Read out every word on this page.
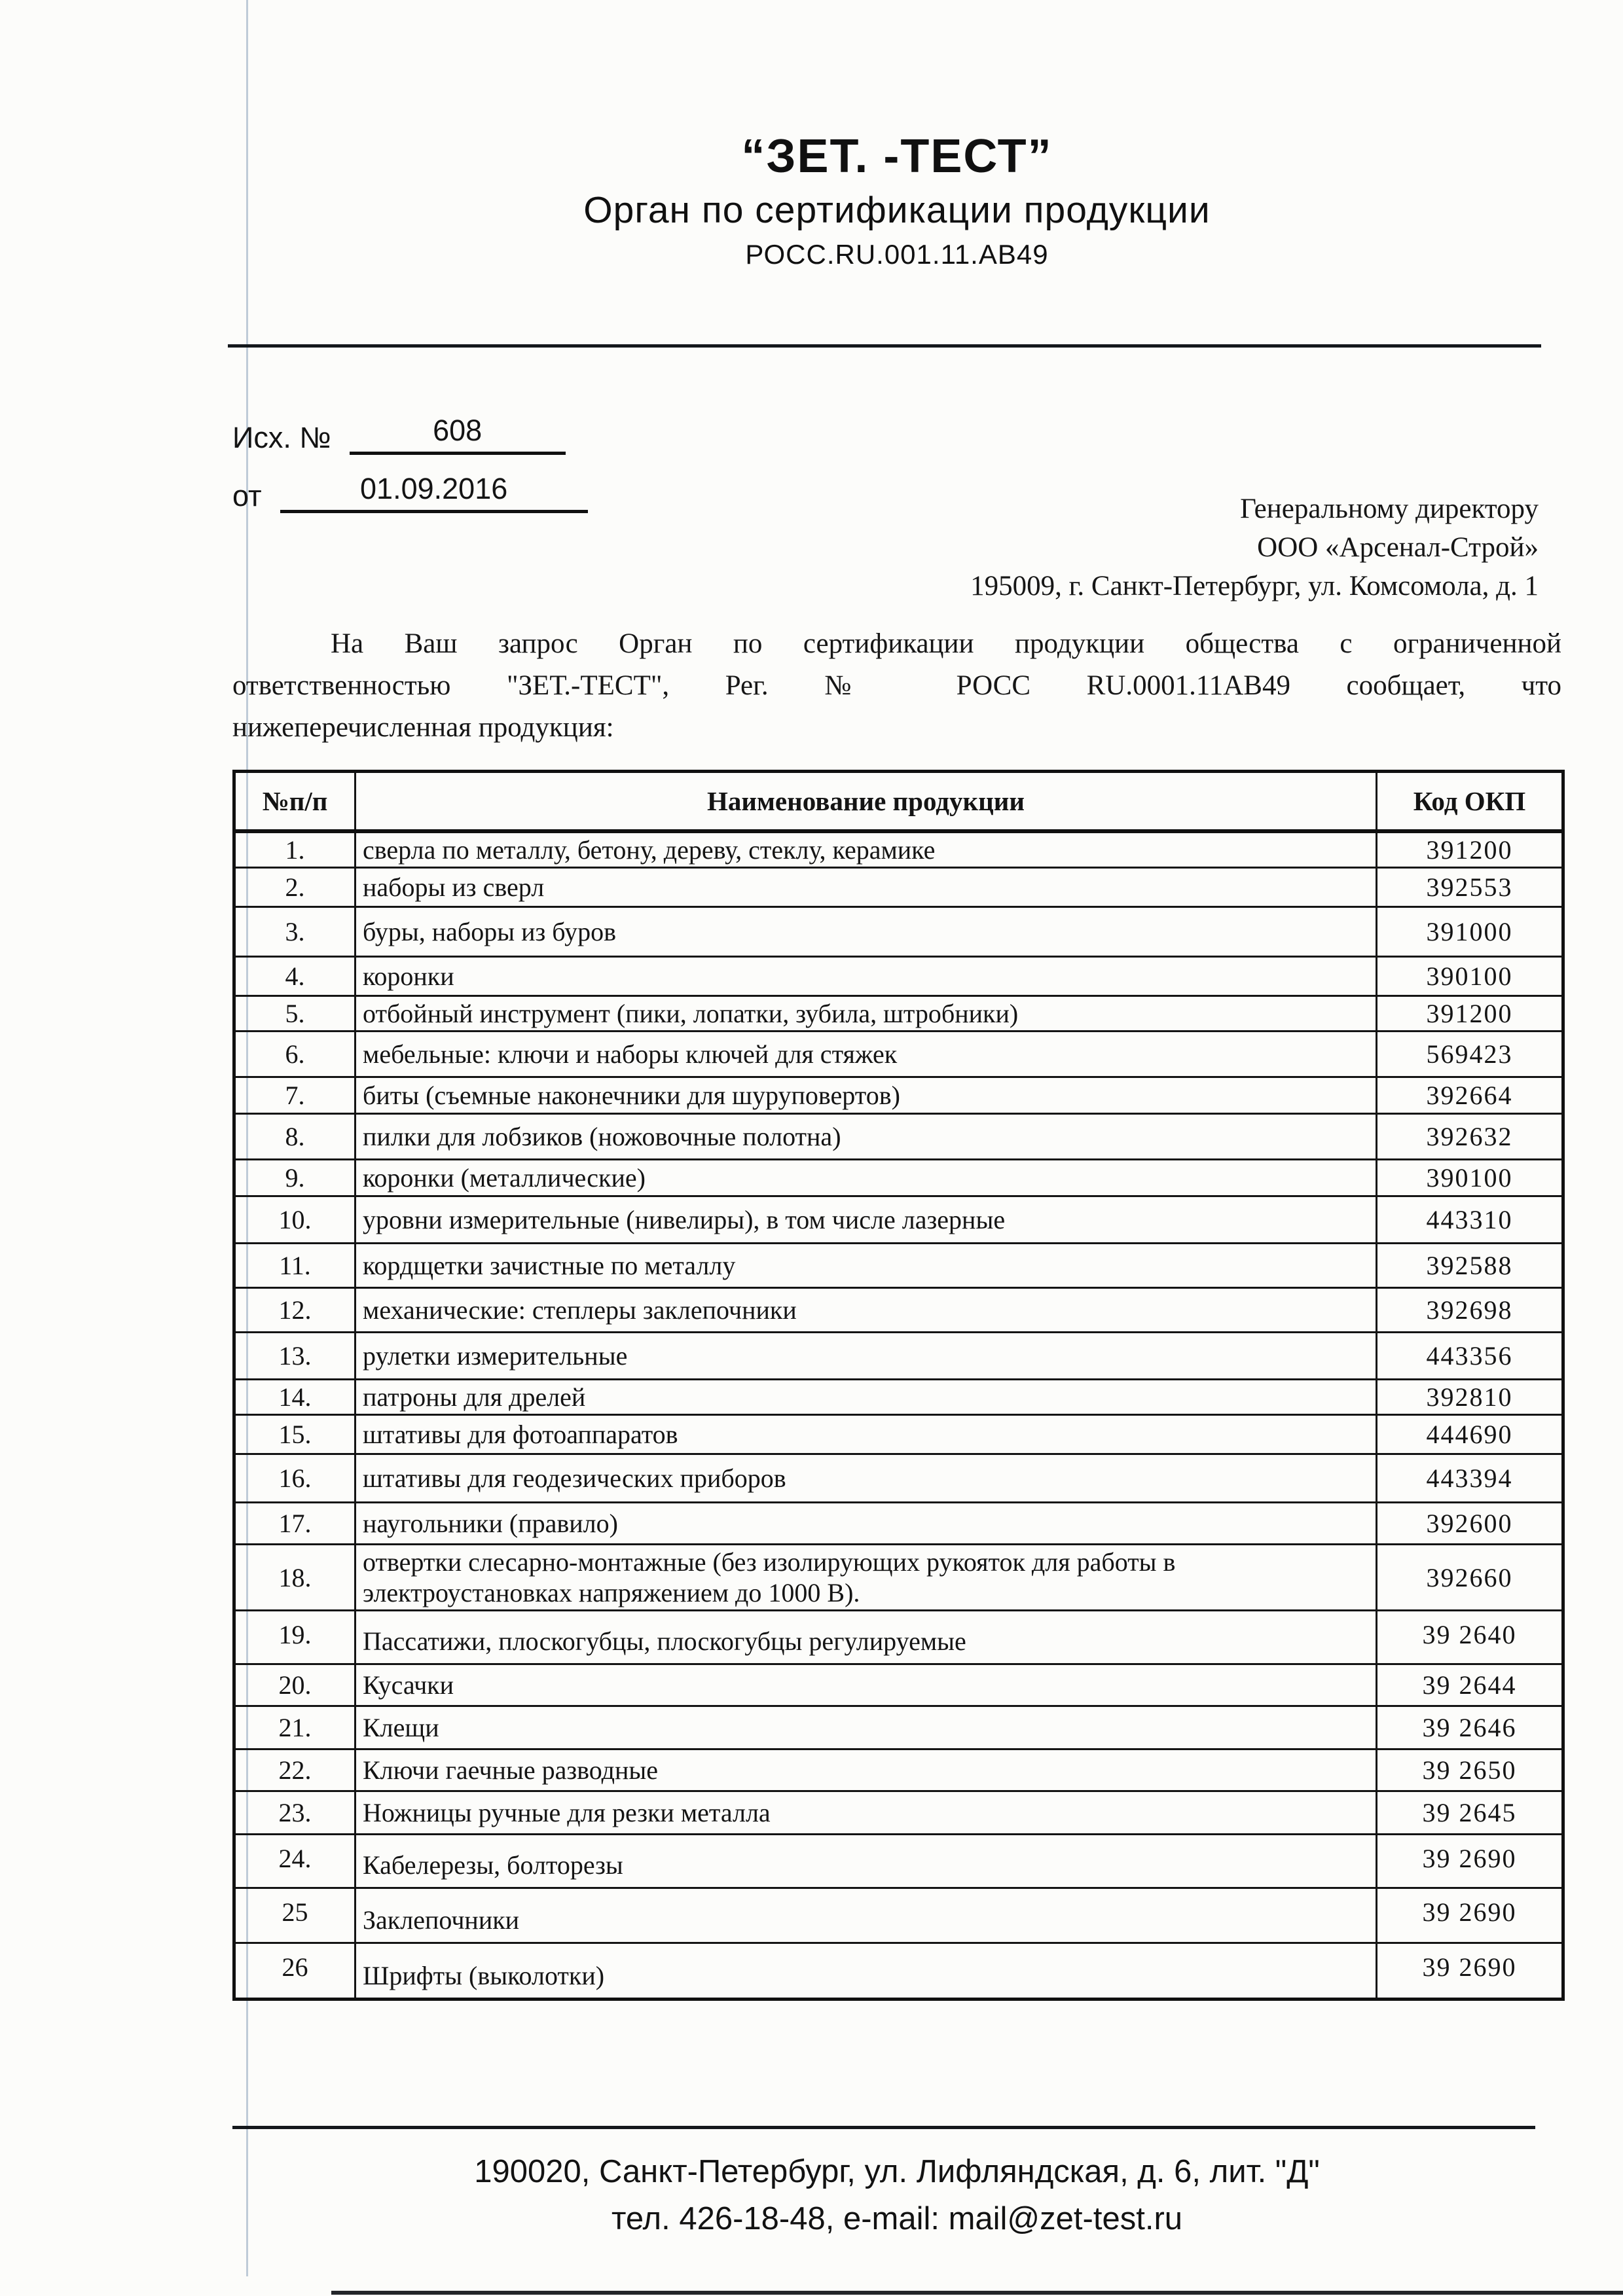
“ЗЕТ. -ТЕСТ”
Орган по сертификации продукции
РОСС.RU.001.11.АВ49
Исх. №	608
от	01.09.2016
Генеральному директору
ООО «Арсенал-Строй»
195009, г. Санкт-Петербург, ул. Комсомола, д. 1
На Ваш запрос Орган по сертификации продукции общества с ограниченной
ответственностью "ЗЕТ.-ТЕСТ", Рег. № РОСС RU.0001.11АВ49 сообщает, что
нижеперечисленная продукция:
№п/п	Наименование продукции	Код ОКП
1.	сверла по металлу, бетону, дереву, стеклу, керамике	391200
2.	наборы из сверл	392553
3.	буры, наборы из буров	391000
4.	коронки	390100
5.	отбойный инструмент (пики, лопатки, зубила, штробники)	391200
6.	мебельные: ключи и наборы ключей для стяжек	569423
7.	биты (съемные наконечники для шуруповертов)	392664
8.	пилки для лобзиков (ножовочные полотна)	392632
9.	коронки (металлические)	390100
10.	уровни измерительные (нивелиры), в том числе лазерные	443310
11.	кордщетки зачистные по металлу	392588
12.	механические: степлеры заклепочники	392698
13.	рулетки измерительные	443356
14.	патроны для дрелей	392810
15.	штативы для фотоаппаратов	444690
16.	штативы для геодезических приборов	443394
17.	наугольники (правило)	392600
18.	отвертки слесарно-монтажные (без изолирующих рукояток для работы в электроустановках напряжением до 1000 В).	392660
19.	Пассатижи, плоскогубцы, плоскогубцы регулируемые	39 2640
20.	Кусачки	39 2644
21.	Клещи	39 2646
22.	Ключи гаечные разводные	39 2650
23.	Ножницы ручные для резки металла	39 2645
24.	Кабелерезы, болторезы	39 2690
25	Заклепочники	39 2690
26	Шрифты (выколотки)	39 2690
190020, Санкт-Петербург, ул. Лифляндская, д. 6, лит. "Д"
тел. 426-18-48, e-mail: mail@zet-test.ru
